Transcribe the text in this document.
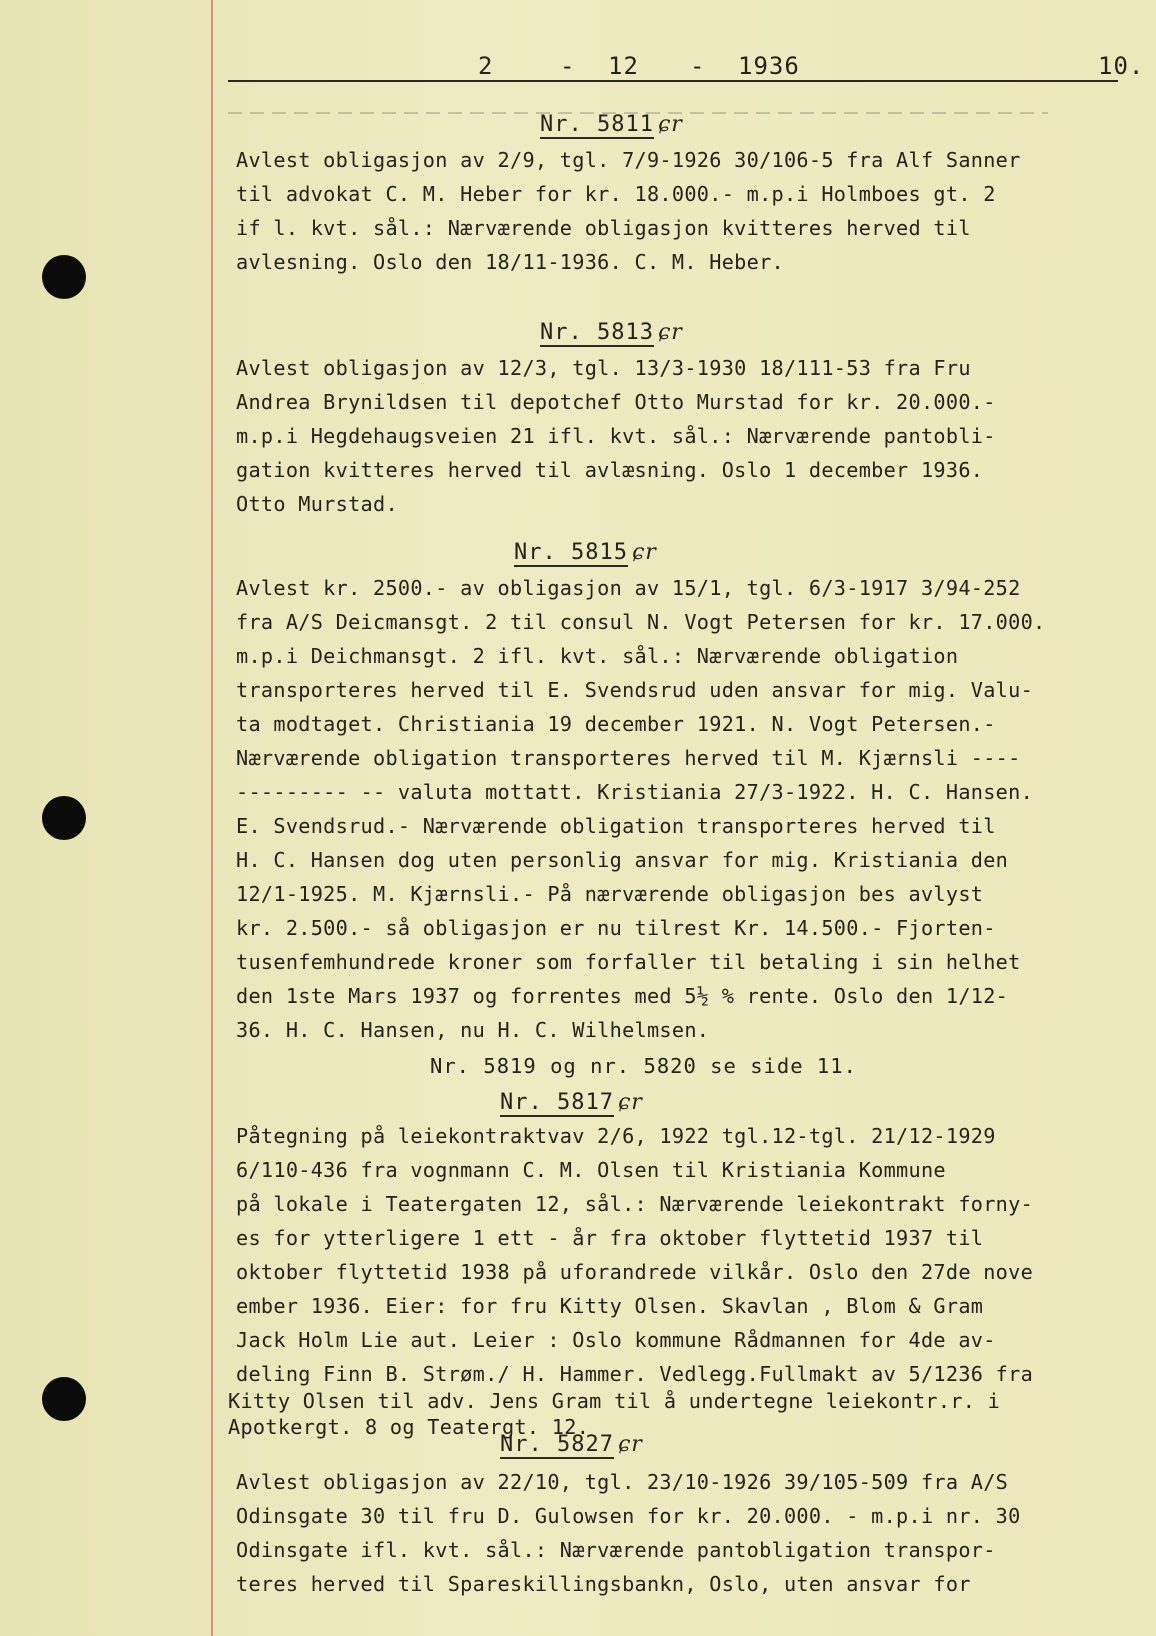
2	- 12 - 1936	10.
Nr. 5811 ɕr
Avlest obligasjon av 2/9, tgl. 7/9-1926 30/106-5 fra Alf Sanner
til advokat C. M. Heber for kr. 18.000.- m.p.i Holmboes gt. 2
if l. kvt. sål.: Nærværende obligasjon kvitteres herved til
avlesning. Oslo den 18/11-1936. C. M. Heber.
Nr. 5813 ɕr
Avlest obligasjon av 12/3, tgl. 13/3-1930 18/111-53 fra Fru
Andrea Brynildsen til depotchef Otto Murstad for kr. 20.000.-
m.p.i Hegdehaugsveien 21 ifl. kvt. sål.: Nærværende pantobli-
gation kvitteres herved til avlæsning. Oslo 1 december 1936.
Otto Murstad.
Nr. 5815 ɕr
Avlest kr. 2500.- av obligasjon av 15/1, tgl. 6/3-1917 3/94-252
fra A/S Deicmansgt. 2 til consul N. Vogt Petersen for kr. 17.000.
m.p.i Deichmansgt. 2 ifl. kvt. sål.: Nærværende obligation
transporteres herved til E. Svendsrud uden ansvar for mig. Valu-
ta modtaget. Christiania 19 december 1921. N. Vogt Petersen.-
Nærværende obligation transporteres herved til M. Kjærnsli ----
--------- -- valuta mottatt. Kristiania 27/3-1922. H. C. Hansen.
E. Svendsrud.- Nærværende obligation transporteres herved til
H. C. Hansen dog uten personlig ansvar for mig. Kristiania den
12/1-1925. M. Kjærnsli.- På nærværende obligasjon bes avlyst
kr. 2.500.- så obligasjon er nu tilrest Kr. 14.500.- Fjorten-
tusenfemhundrede kroner som forfaller til betaling i sin helhet
den 1ste Mars 1937 og forrentes med 5½ % rente. Oslo den 1/12-
36. H. C. Hansen, nu H. C. Wilhelmsen.
Nr. 5819 og nr. 5820 se side 11.
Nr. 5817 ɕr
Påtegning på leiekontraktvav 2/6, 1922 tgl.12-tgl. 21/12-1929
6/110-436 fra vognmann C. M. Olsen til Kristiania Kommune
på lokale i Teatergaten 12, sål.: Nærværende leiekontrakt forny-
es for ytterligere 1 ett - år fra oktober flyttetid 1937 til
oktober flyttetid 1938 på uforandrede vilkår. Oslo den 27de nove
ember 1936. Eier: for fru Kitty Olsen. Skavlan , Blom & Gram
Jack Holm Lie aut. Leier : Oslo kommune Rådmannen for 4de av-
deling Finn B. Strøm./ H. Hammer. Vedlegg.Fullmakt av 5/1236 fra
Kitty Olsen til adv. Jens Gram til å undertegne leiekontr.r. i
Apotkergt. 8 og Teatergt. 12.
Nr. 5827 ɕr
Avlest obligasjon av 22/10, tgl. 23/10-1926 39/105-509 fra A/S
Odinsgate 30 til fru D. Gulowsen for kr. 20.000. - m.p.i nr. 30
Odinsgate ifl. kvt. sål.: Nærværende pantobligation transpor-
teres herved til Spareskillingsbankn, Oslo, uten ansvar for
